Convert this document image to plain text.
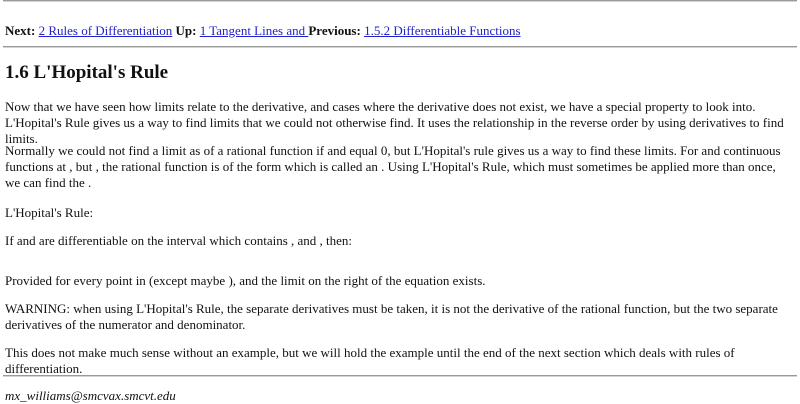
Next: 2 Rules of Differentiation Up: 1 Tangent Lines and Previous: 1.5.2 Differentiable Functions
1.6 L'Hopital's Rule

Now that we have seen how limits relate to the derivative, and cases where the derivative does not exist, we have a special property to look into. L'Hopital's Rule gives us a way to find limits that we could not otherwise find. It uses the relationship in the reverse order by using derivatives to find limits.

Normally we could not find a limit as of a rational function if and equal 0, but L'Hopital's rule gives us a way to find these limits. For and continuous functions at , but , the rational function is of the form which is called an . Using L'Hopital's Rule, which must sometimes be applied more than once, we can find the .

L'Hopital's Rule:

If and are differentiable on the interval which contains , and , then:

Provided for every point in (except maybe ), and the limit on the right of the equation exists.

WARNING: when using L'Hopital's Rule, the separate derivatives must be taken, it is not the derivative of the rational function, but the two separate derivatives of the numerator and denominator.

This does not make much sense without an example, but we will hold the example until the end of the next section which deals with rules of differentiation.

mx_williams@smcvax.smcvt.edu
